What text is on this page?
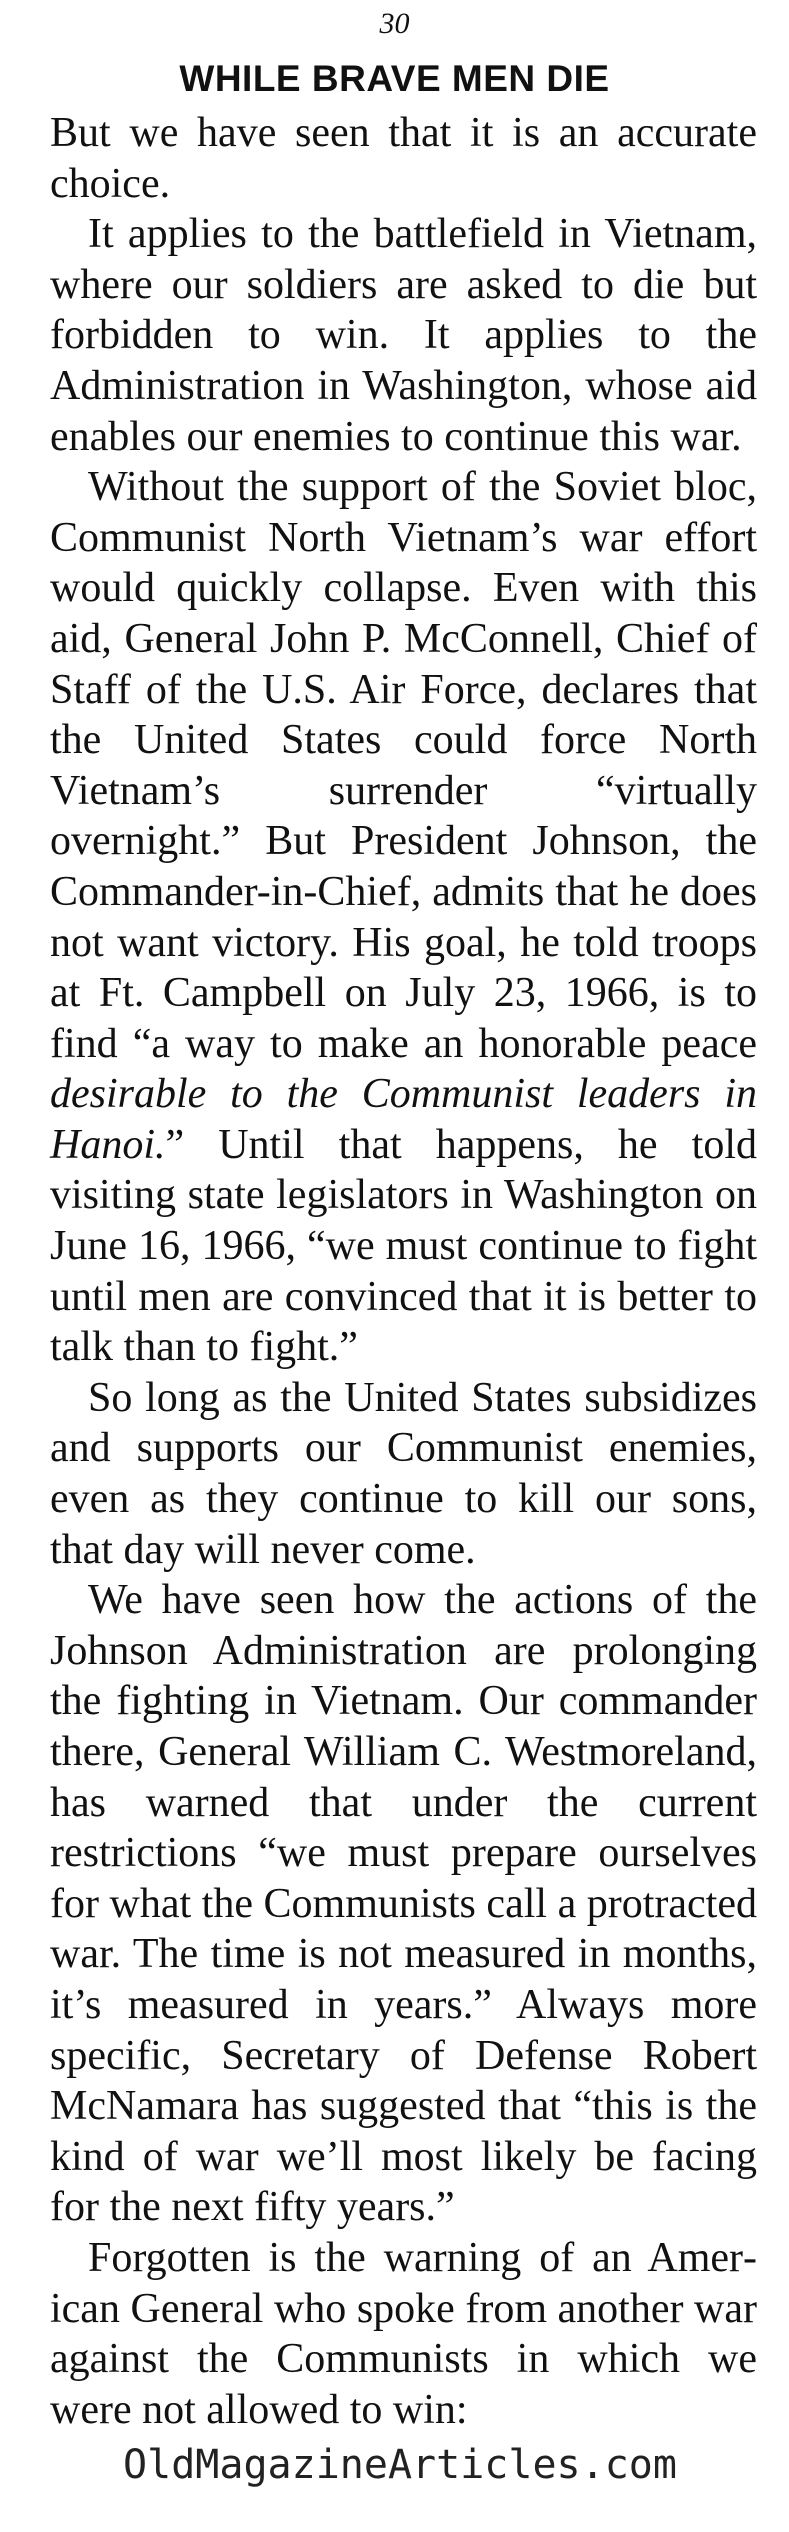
30
WHILE BRAVE MEN DIE

But we have seen that it is an accurate choice.

It applies to the battlefield in Vietnam, where our soldiers are asked to die but forbidden to win. It applies to the Administration in Washington, whose aid enables our enemies to continue this war.

Without the support of the Soviet bloc, Communist North Vietnam’s war effort would quickly collapse. Even with this aid, General John P. McConnell, Chief of Staff of the U.S. Air Force, declares that the United States could force North Vietnam’s surrender “virtually overnight.” But President Johnson, the Commander-in-Chief, admits that he does not want victory. His goal, he told troops at Ft. Campbell on July 23, 1966, is to find “a way to make an honorable peace desirable to the Communist leaders in Hanoi.” Until that happens, he told visiting state legislators in Washington on June 16, 1966, “we must continue to fight until men are convinced that it is better to talk than to fight.”

So long as the United States subsidizes and supports our Communist enemies, even as they continue to kill our sons, that day will never come.

We have seen how the actions of the Johnson Administration are prolonging the fighting in Vietnam. Our commander there, General William C. Westmoreland, has warned that under the current restrictions “we must prepare ourselves for what the Communists call a protracted war. The time is not measured in months, it’s measured in years.” Always more specific, Secretary of Defense Robert McNamara has suggested that “this is the kind of war we’ll most likely be facing for the next fifty years.”

Forgotten is the warning of an American General who spoke from another war against the Communists in which we were not allowed to win:

OldMagazineArticles.com
